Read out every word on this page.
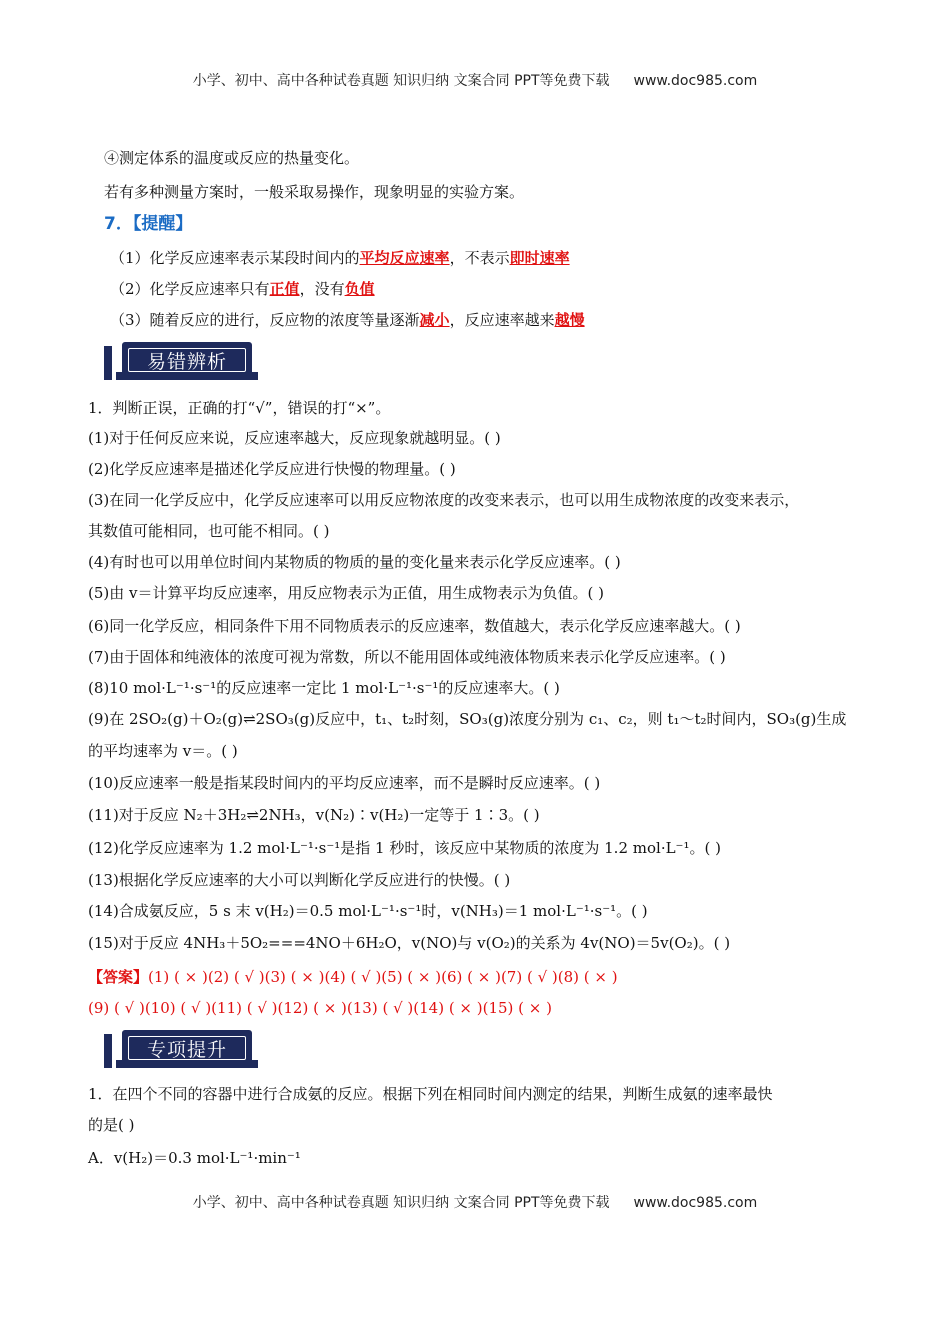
小学、初中、高中各种试卷真题 知识归纳 文案合同 PPT等免费下载 www.doc985.com
④测定体系的温度或反应的热量变化。
若有多种测量方案时，一般采取易操作，现象明显的实验方案。
7．【提醒】
（1）化学反应速率表示某段时间内的平均反应速率，不表示即时速率
（2）化学反应速率只有正值，没有负值
（3）随着反应的进行，反应物的浓度等量逐渐减小，反应速率越来越慢
易错辨析
1．判断正误，正确的打“√”，错误的打“×”。
(1)对于任何反应来说，反应速率越大，反应现象就越明显。( )
(2)化学反应速率是描述化学反应进行快慢的物理量。( )
(3)在同一化学反应中，化学反应速率可以用反应物浓度的改变来表示，也可以用生成物浓度的改变来表示，
其数值可能相同，也可能不相同。( )
(4)有时也可以用单位时间内某物质的物质的量的变化量来表示化学反应速率。( )
(5)由 v＝计算平均反应速率，用反应物表示为正值，用生成物表示为负值。( )
(6)同一化学反应，相同条件下用不同物质表示的反应速率，数值越大，表示化学反应速率越大。( )
(7)由于固体和纯液体的浓度可视为常数，所以不能用固体或纯液体物质来表示化学反应速率。( )
(8)10 mol·L⁻¹·s⁻¹的反应速率一定比 1 mol·L⁻¹·s⁻¹的反应速率大。( )
(9)在 2SO₂(g)＋O₂(g)⇌2SO₃(g)反应中，t₁、t₂时刻，SO₃(g)浓度分别为 c₁、c₂，则 t₁～t₂时间内，SO₃(g)生成
的平均速率为 v＝。( )
(10)反应速率一般是指某段时间内的平均反应速率，而不是瞬时反应速率。( )
(11)对于反应 N₂＋3H₂⇌2NH₃，v(N₂)∶v(H₂)一定等于 1∶3。( )
(12)化学反应速率为 1.2 mol·L⁻¹·s⁻¹是指 1 秒时，该反应中某物质的浓度为 1.2 mol·L⁻¹。( )
(13)根据化学反应速率的大小可以判断化学反应进行的快慢。( )
(14)合成氨反应，5 s 末 v(H₂)＝0.5 mol·L⁻¹·s⁻¹时，v(NH₃)＝1 mol·L⁻¹·s⁻¹。( )
(15)对于反应 4NH₃＋5O₂===4NO＋6H₂O，v(NO)与 v(O₂)的关系为 4v(NO)＝5v(O₂)。( )
【答案】(1) ( × )(2) ( √ )(3) ( × )(4) ( √ )(5) ( × )(6) ( × )(7) ( √ )(8) ( × )
(9) ( √ )(10) ( √ )(11) ( √ )(12) ( × )(13) ( √ )(14) ( × )(15) ( × )
专项提升
1．在四个不同的容器中进行合成氨的反应。根据下列在相同时间内测定的结果，判断生成氨的速率最快
的是( )
A．v(H₂)＝0.3 mol·L⁻¹·min⁻¹
小学、初中、高中各种试卷真题 知识归纳 文案合同 PPT等免费下载 www.doc985.com
